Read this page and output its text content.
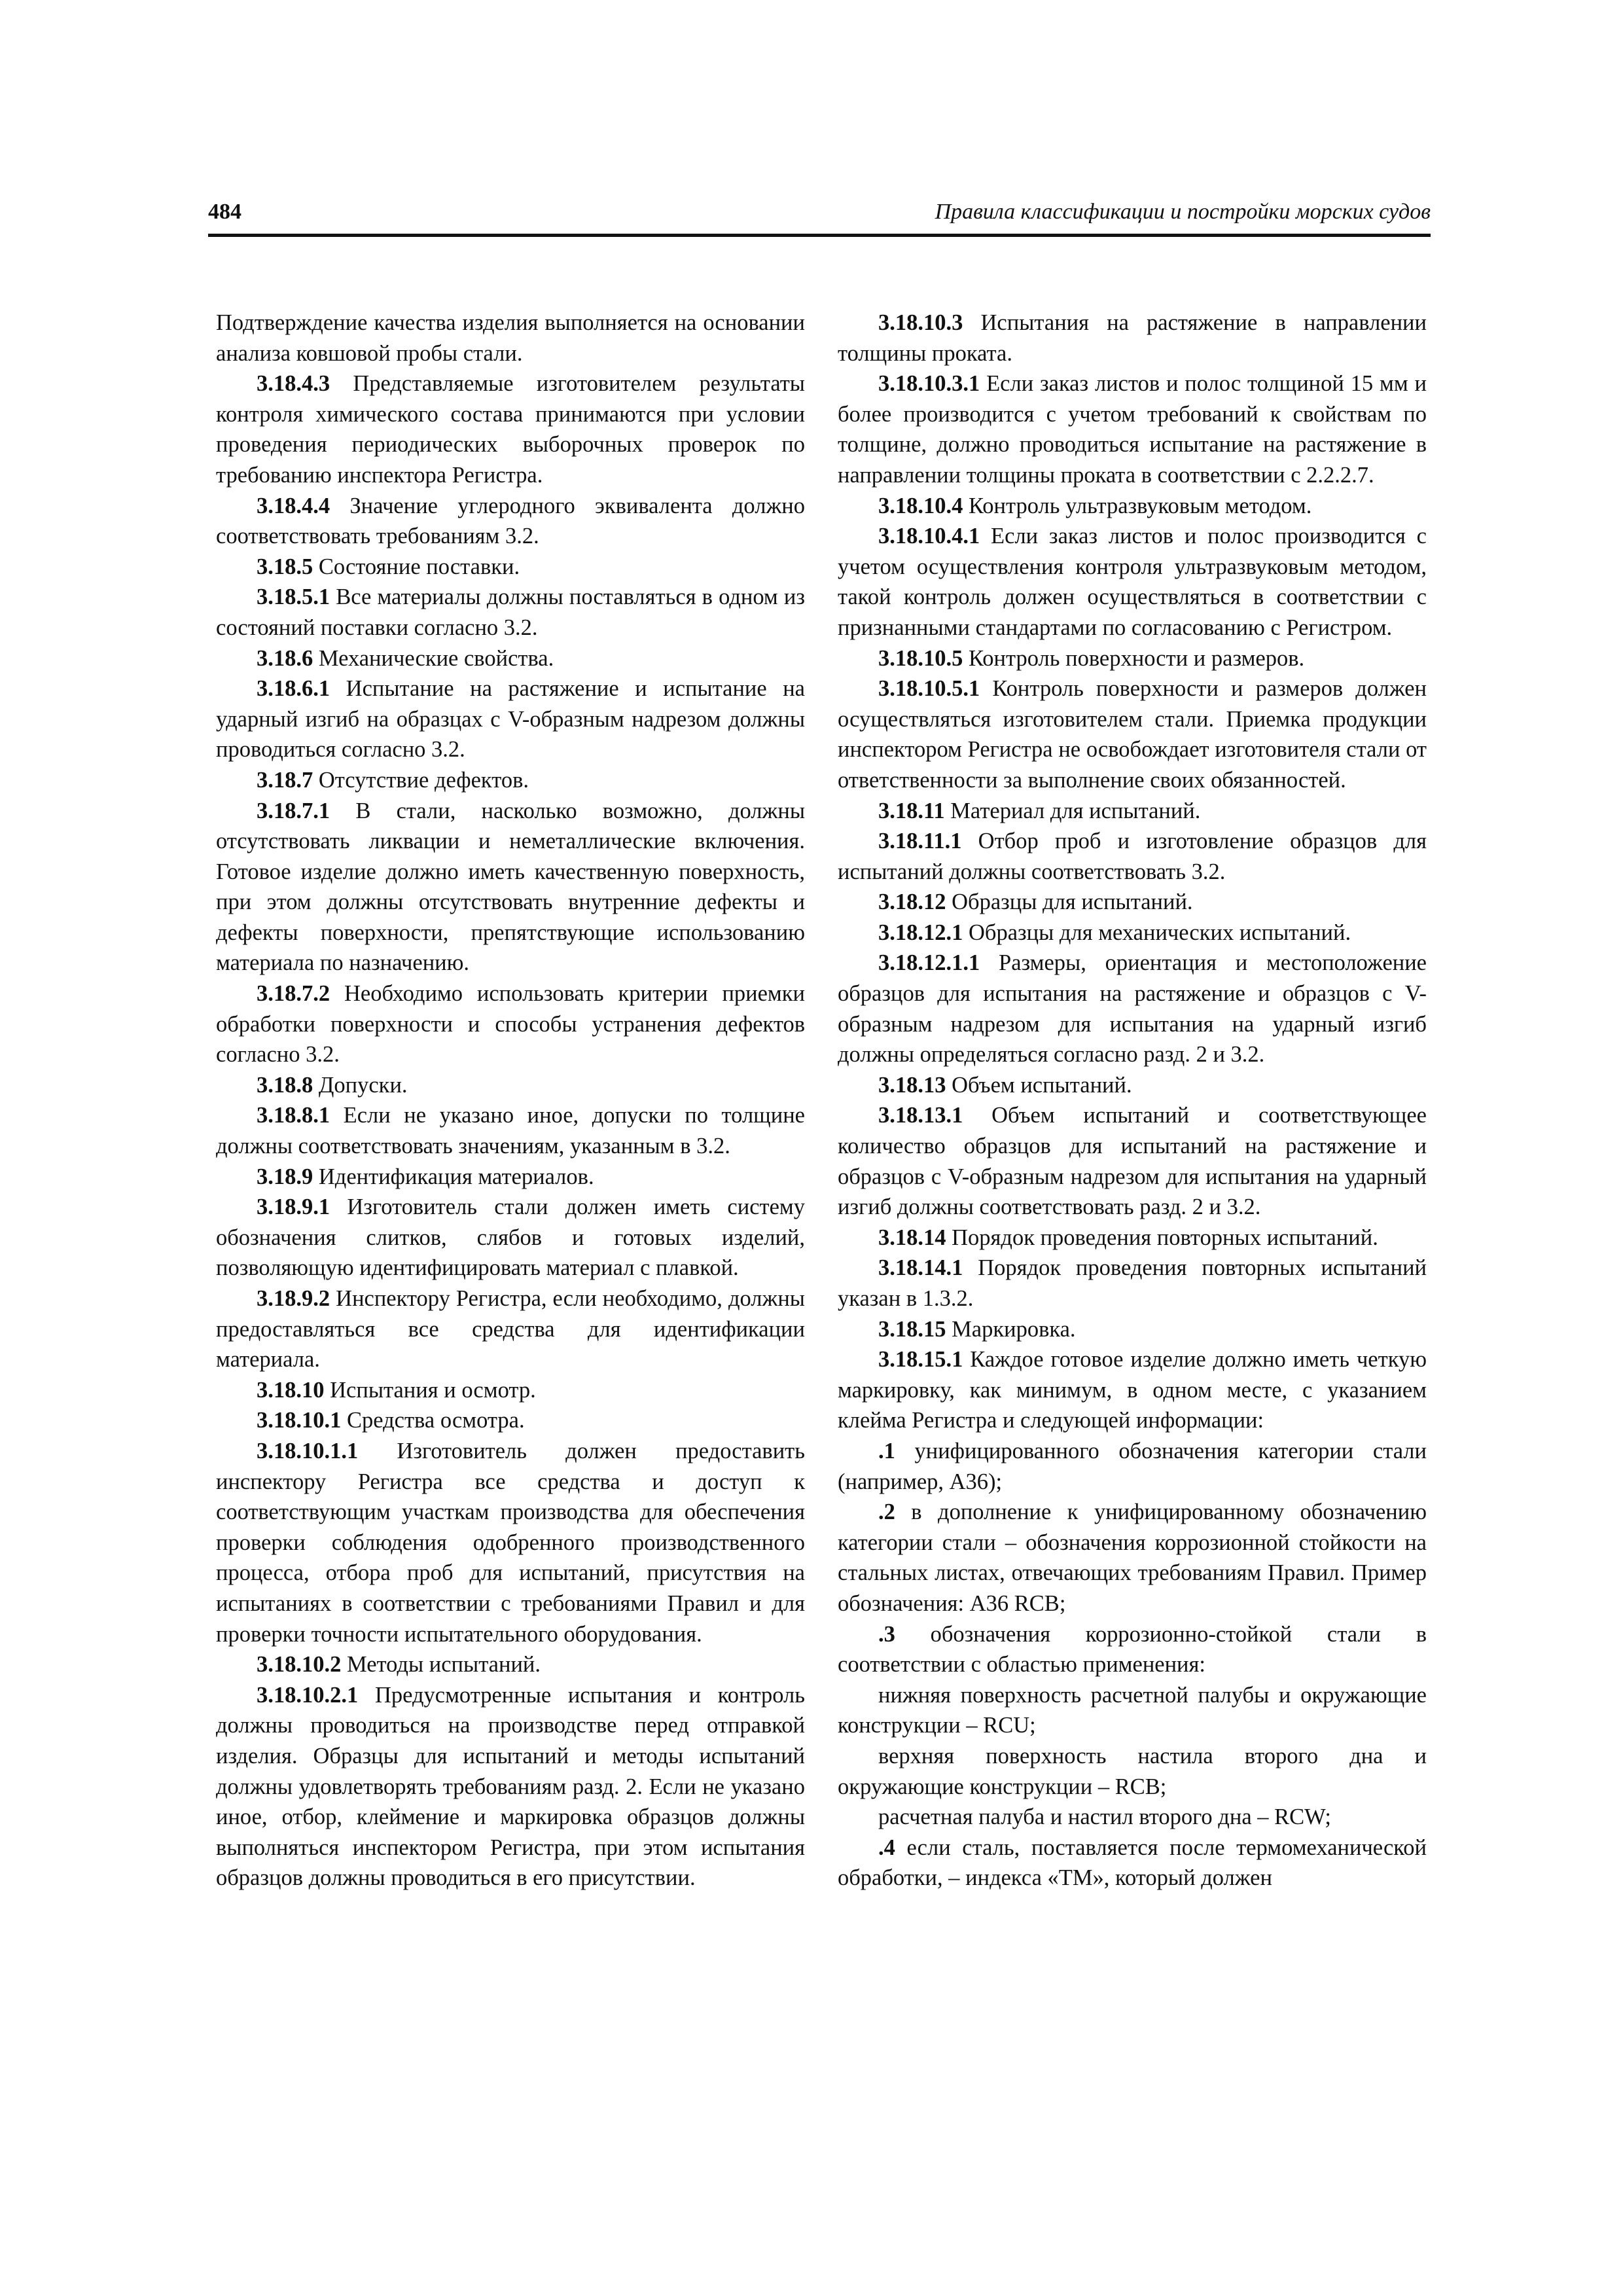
484	Правила классификации и постройки морских судов

Подтверждение качества изделия выполняется на основании анализа ковшовой пробы стали.

3.18.4.3 Представляемые изготовителем результаты контроля химического состава принимаются при условии проведения периодических выборочных проверок по требованию инспектора Регистра.

3.18.4.4 Значение углеродного эквивалента должно соответствовать требованиям 3.2.

3.18.5 Состояние поставки.

3.18.5.1 Все материалы должны поставляться в одном из состояний поставки согласно 3.2.

3.18.6 Механические свойства.

3.18.6.1 Испытание на растяжение и испытание на ударный изгиб на образцах с V-образным надрезом должны проводиться согласно 3.2.

3.18.7 Отсутствие дефектов.

3.18.7.1 В стали, насколько возможно, должны отсутствовать ликвации и неметаллические включения. Готовое изделие должно иметь качественную поверхность, при этом должны отсутствовать внутренние дефекты и дефекты поверхности, препятствующие использованию материала по назначению.

3.18.7.2 Необходимо использовать критерии приемки обработки поверхности и способы устранения дефектов согласно 3.2.

3.18.8 Допуски.

3.18.8.1 Если не указано иное, допуски по толщине должны соответствовать значениям, указанным в 3.2.

3.18.9 Идентификация материалов.

3.18.9.1 Изготовитель стали должен иметь систему обозначения слитков, слябов и готовых изделий, позволяющую идентифицировать материал с плавкой.

3.18.9.2 Инспектору Регистра, если необходимо, должны предоставляться все средства для идентификации материала.

3.18.10 Испытания и осмотр.

3.18.10.1 Средства осмотра.

3.18.10.1.1 Изготовитель должен предоставить инспектору Регистра все средства и доступ к соответствующим участкам производства для обеспечения проверки соблюдения одобренного производственного процесса, отбора проб для испытаний, присутствия на испытаниях в соответствии с требованиями Правил и для проверки точности испытательного оборудования.

3.18.10.2 Методы испытаний.

3.18.10.2.1 Предусмотренные испытания и контроль должны проводиться на производстве перед отправкой изделия. Образцы для испытаний и методы испытаний должны удовлетворять требованиям разд. 2. Если не указано иное, отбор, клеймение и маркировка образцов должны выполняться инспектором Регистра, при этом испытания образцов должны проводиться в его присутствии.

3.18.10.3 Испытания на растяжение в направлении толщины проката.

3.18.10.3.1 Если заказ листов и полос толщиной 15 мм и более производится с учетом требований к свойствам по толщине, должно проводиться испытание на растяжение в направлении толщины проката в соответствии с 2.2.2.7.

3.18.10.4 Контроль ультразвуковым методом.

3.18.10.4.1 Если заказ листов и полос производится с учетом осуществления контроля ультразвуковым методом, такой контроль должен осуществляться в соответствии с признанными стандартами по согласованию с Регистром.

3.18.10.5 Контроль поверхности и размеров.

3.18.10.5.1 Контроль поверхности и размеров должен осуществляться изготовителем стали. Приемка продукции инспектором Регистра не освобождает изготовителя стали от ответственности за выполнение своих обязанностей.

3.18.11 Материал для испытаний.

3.18.11.1 Отбор проб и изготовление образцов для испытаний должны соответствовать 3.2.

3.18.12 Образцы для испытаний.

3.18.12.1 Образцы для механических испытаний.

3.18.12.1.1 Размеры, ориентация и местоположение образцов для испытания на растяжение и образцов с V-образным надрезом для испытания на ударный изгиб должны определяться согласно разд. 2 и 3.2.

3.18.13 Объем испытаний.

3.18.13.1 Объем испытаний и соответствующее количество образцов для испытаний на растяжение и образцов с V-образным надрезом для испытания на ударный изгиб должны соответствовать разд. 2 и 3.2.

3.18.14 Порядок проведения повторных испытаний.

3.18.14.1 Порядок проведения повторных испытаний указан в 1.3.2.

3.18.15 Маркировка.

3.18.15.1 Каждое готовое изделие должно иметь четкую маркировку, как минимум, в одном месте, с указанием клейма Регистра и следующей информации:

.1 унифицированного обозначения категории стали (например, A36);

.2 в дополнение к унифицированному обозначению категории стали – обозначения коррозионной стойкости на стальных листах, отвечающих требованиям Правил. Пример обозначения: A36 RCB;

.3 обозначения коррозионно-стойкой стали в соответствии с областью применения:

нижняя поверхность расчетной палубы и окружающие конструкции – RCU;

верхняя поверхность настила второго дна и окружающие конструкции – RCB;

расчетная палуба и настил второго дна – RCW;

.4 если сталь, поставляется после термомеханической обработки, – индекса «TM», который должен
